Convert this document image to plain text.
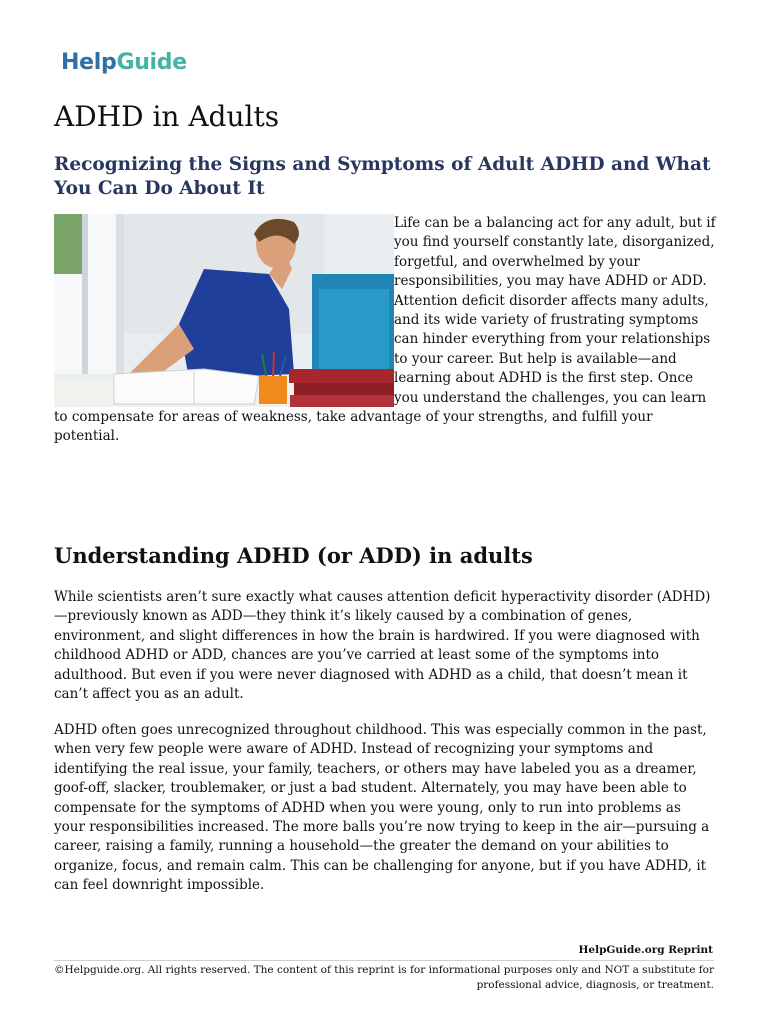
HelpGuide
ADHD in Adults
Recognizing the Signs and Symptoms of Adult ADHD and What You Can Do About It
Life can be a balancing act for any adult, but if you find yourself constantly late, disorganized, forgetful, and overwhelmed by your responsibilities, you may have ADHD or ADD. Attention deficit disorder affects many adults, and its wide variety of frustrating symptoms can hinder everything from your relationships to your career. But help is available—and learning about ADHD is the first step. Once you understand the challenges, you can learn to compensate for areas of weakness, take advantage of your strengths, and fulfill your potential.
Understanding ADHD (or ADD) in adults

While scientists aren’t sure exactly what causes attention deficit hyperactivity disorder (ADHD)—previously known as ADD—they think it’s likely caused by a combination of genes, environment, and slight differences in how the brain is hardwired. If you were diagnosed with childhood ADHD or ADD, chances are you’ve carried at least some of the symptoms into adulthood. But even if you were never diagnosed with ADHD as a child, that doesn’t mean it can’t affect you as an adult.

ADHD often goes unrecognized throughout childhood. This was especially common in the past, when very few people were aware of ADHD. Instead of recognizing your symptoms and identifying the real issue, your family, teachers, or others may have labeled you as a dreamer, goof-off, slacker, troublemaker, or just a bad student. Alternately, you may have been able to compensate for the symptoms of ADHD when you were young, only to run into problems as your responsibilities increased. The more balls you’re now trying to keep in the air—pursuing a career, raising a family, running a household—the greater the demand on your abilities to organize, focus, and remain calm. This can be challenging for anyone, but if you have ADHD, it can feel downright impossible.

HelpGuide.org Reprint

©Helpguide.org. All rights reserved. The content of this reprint is for informational purposes only and NOT a substitute for professional advice, diagnosis, or treatment.
